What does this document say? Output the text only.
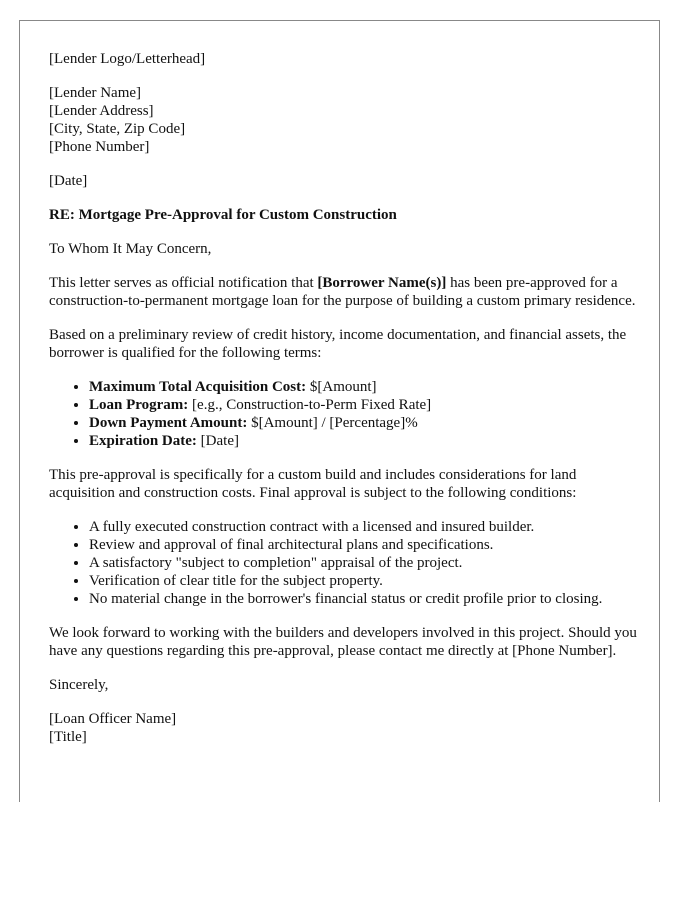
[Lender Logo/Letterhead]
[Lender Name]
[Lender Address]
[City, State, Zip Code]
[Phone Number]
[Date]

RE: Mortgage Pre-Approval for Custom Construction

To Whom It May Concern,

This letter serves as official notification that [Borrower Name(s)] has been pre-approved for a construction-to-permanent mortgage loan for the purpose of building a custom primary residence.

Based on a preliminary review of credit history, income documentation, and financial assets, the borrower is qualified for the following terms:

• Maximum Total Acquisition Cost: $[Amount]
• Loan Program: [e.g., Construction-to-Perm Fixed Rate]
• Down Payment Amount: $[Amount] / [Percentage]%
• Expiration Date: [Date]

This pre-approval is specifically for a custom build and includes considerations for land acquisition and construction costs. Final approval is subject to the following conditions:

• A fully executed construction contract with a licensed and insured builder.
• Review and approval of final architectural plans and specifications.
• A satisfactory "subject to completion" appraisal of the project.
• Verification of clear title for the subject property.
• No material change in the borrower's financial status or credit profile prior to closing.

We look forward to working with the builders and developers involved in this project. Should you have any questions regarding this pre-approval, please contact me directly at [Phone Number].

Sincerely,

[Loan Officer Name]
[Title]
